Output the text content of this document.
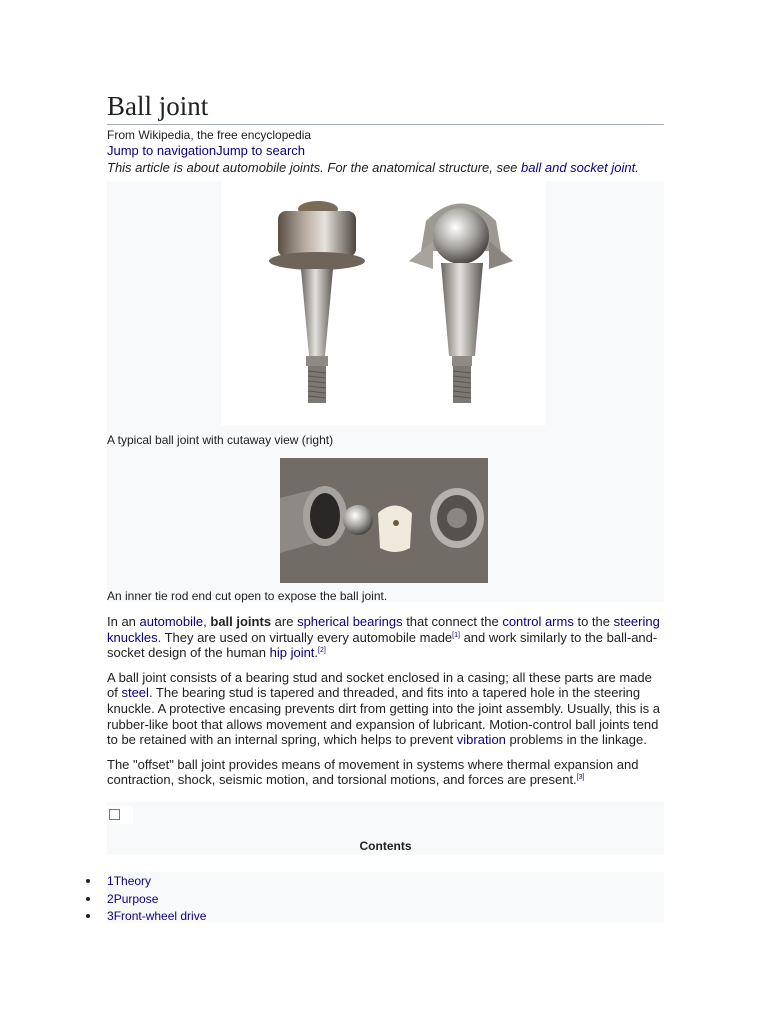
Ball joint
From Wikipedia, the free encyclopedia
Jump to navigationJump to search
This article is about automobile joints. For the anatomical structure, see ball and socket joint.
A typical ball joint with cutaway view (right)
An inner tie rod end cut open to expose the ball joint.

In an automobile, ball joints are spherical bearings that connect the control arms to the steering knuckles. They are used on virtually every automobile made[1] and work similarly to the ball-and-socket design of the human hip joint.[2]

A ball joint consists of a bearing stud and socket enclosed in a casing; all these parts are made of steel. The bearing stud is tapered and threaded, and fits into a tapered hole in the steering knuckle. A protective encasing prevents dirt from getting into the joint assembly. Usually, this is a rubber-like boot that allows movement and expansion of lubricant. Motion-control ball joints tend to be retained with an internal spring, which helps to prevent vibration problems in the linkage.

The "offset" ball joint provides means of movement in systems where thermal expansion and contraction, shock, seismic motion, and torsional motions, and forces are present.[3]

Contents
1Theory
2Purpose
3Front-wheel drive
